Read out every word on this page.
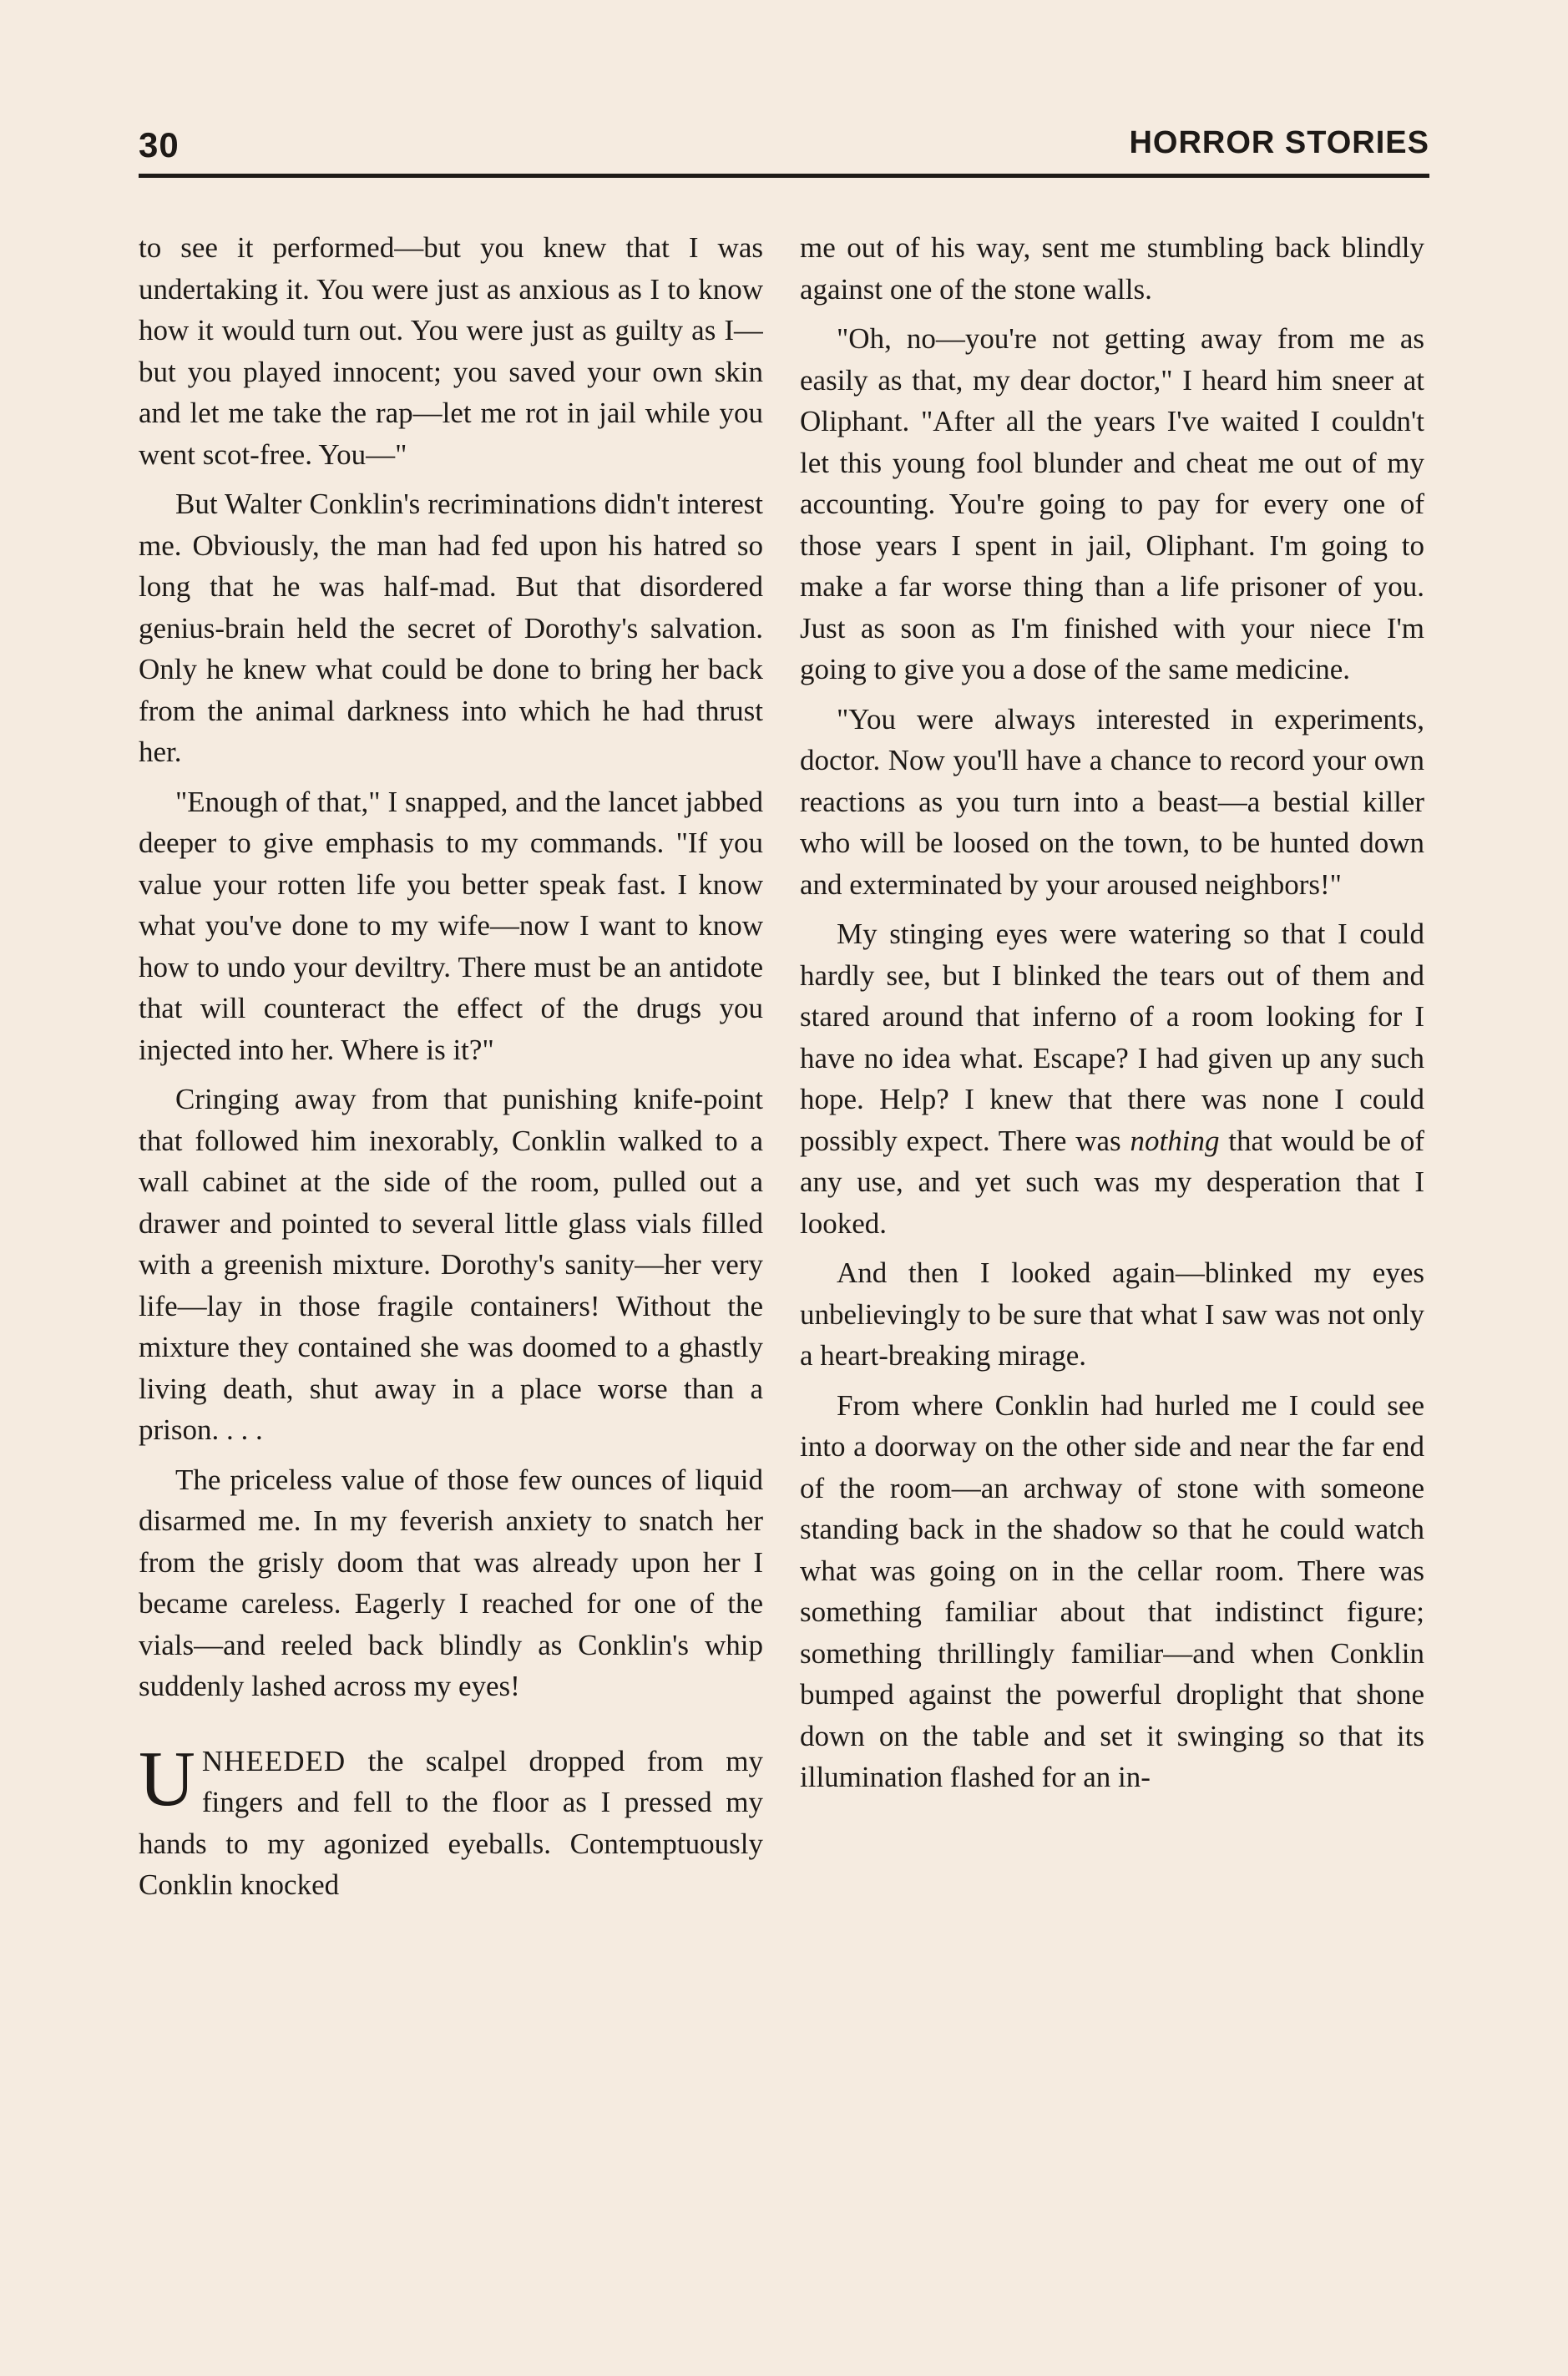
30	HORROR STORIES

to see it performed—but you knew that I was undertaking it. You were just as anxious as I to know how it would turn out. You were just as guilty as I—but you played innocent; you saved your own skin and let me take the rap—let me rot in jail while you went scot-free. You—"

But Walter Conklin's recriminations didn't interest me. Obviously, the man had fed upon his hatred so long that he was half-mad. But that disordered genius-brain held the secret of Dorothy's salvation. Only he knew what could be done to bring her back from the animal darkness into which he had thrust her.

"Enough of that," I snapped, and the lancet jabbed deeper to give emphasis to my commands. "If you value your rotten life you better speak fast. I know what you've done to my wife—now I want to know how to undo your deviltry. There must be an antidote that will counteract the effect of the drugs you injected into her. Where is it?"

Cringing away from that punishing knife-point that followed him inexorably, Conklin walked to a wall cabinet at the side of the room, pulled out a drawer and pointed to several little glass vials filled with a greenish mixture. Dorothy's sanity—her very life—lay in those fragile containers! Without the mixture they contained she was doomed to a ghastly living death, shut away in a place worse than a prison. . . .

The priceless value of those few ounces of liquid disarmed me. In my feverish anxiety to snatch her from the grisly doom that was already upon her I became careless. Eagerly I reached for one of the vials—and reeled back blindly as Conklin's whip suddenly lashed across my eyes!

UNHEEDED the scalpel dropped from my fingers and fell to the floor as I pressed my hands to my agonized eyeballs. Contemptuously Conklin knocked

me out of his way, sent me stumbling back blindly against one of the stone walls.

"Oh, no—you're not getting away from me as easily as that, my dear doctor," I heard him sneer at Oliphant. "After all the years I've waited I couldn't let this young fool blunder and cheat me out of my accounting. You're going to pay for every one of those years I spent in jail, Oliphant. I'm going to make a far worse thing than a life prisoner of you. Just as soon as I'm finished with your niece I'm going to give you a dose of the same medicine.

"You were always interested in experiments, doctor. Now you'll have a chance to record your own reactions as you turn into a beast—a bestial killer who will be loosed on the town, to be hunted down and exterminated by your aroused neighbors!"

My stinging eyes were watering so that I could hardly see, but I blinked the tears out of them and stared around that inferno of a room looking for I have no idea what. Escape? I had given up any such hope. Help? I knew that there was none I could possibly expect. There was nothing that would be of any use, and yet such was my desperation that I looked.

And then I looked again—blinked my eyes unbelievingly to be sure that what I saw was not only a heart-breaking mirage.

From where Conklin had hurled me I could see into a doorway on the other side and near the far end of the room—an archway of stone with someone standing back in the shadow so that he could watch what was going on in the cellar room. There was something familiar about that indistinct figure; something thrillingly familiar—and when Conklin bumped against the powerful droplight that shone down on the table and set it swinging so that its illumination flashed for an in-
